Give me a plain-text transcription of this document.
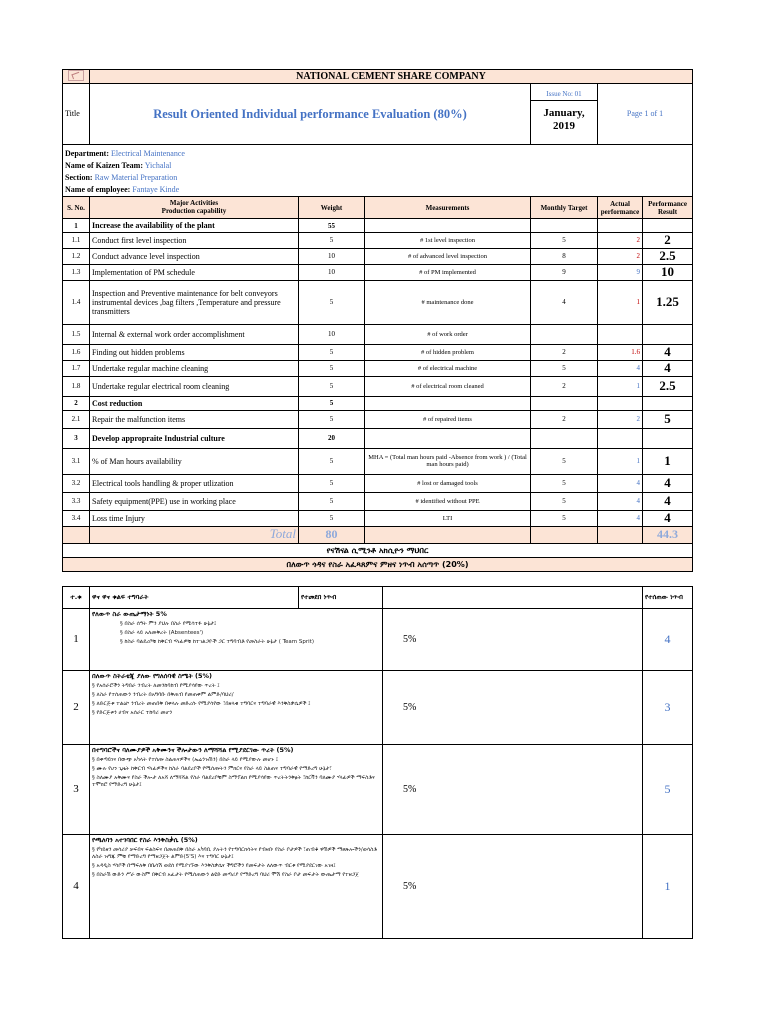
	NATIONAL CEMENT SHARE COMPANY					
Title	Result Oriented Individual performance Evaluation (80%)			Issue No: 01
January, 2019	Page 1 of 1	

Department: Electrical Maintenance
Name of Kaizen Team: Yichalal
Section: Raw Material Preparation
Name of employee: Fantaye Kinde						

S. No.	Major Activities
Production capability	Weight	Measurements	Monthly Target	Actual performance	Performance Result
1	Increase the availability of the plant	55				
1.1	Conduct first level inspection	5	# 1st level inspection	5	2	2
1.2	Conduct advance level inspection	10	# of advanced level inspection	8	2	2.5
1.3	Implementation of PM schedule	10	# of PM implemented	9	9	10
1.4	Inspection and Preventive maintenance for belt conveyors instrumental devices ,bag filters ,Temperature and pressure transmitters	5	# maintenance done	4	1	1.25
1.5	Internal & external work order accomplishment	10	# of work order			
1.6	Finding out hidden problems	5	# of hidden problem	2	1.6	4
1.7	Undertake regular machine cleaning	5	# of electrical machine	5	4	4
1.8	Undertake regular electrical room cleaning	5	# of electrical room cleaned	2	1	2.5
2	Cost reduction	5				
2.1	Repair the malfunction items	5	# of repaired items	2	2	5
3	Develop appropraite Industrial culture	20				
3.1	% of Man hours availability	5	MHA = (Total man hours paid -Absence from work ) / (Total man hours paid)	5	1	1
3.2	Electrical tools handling & proper utlization	5	# lost or damaged tools	5	4	4
3.3	Safety equipment(PPE) use in working place	5	# identified without PPE	5	4	4
3.4	Loss time Injury	5	LTI	5	4	4
	Total	80				44.3
የናሽናል ሲሚንቶ አክሲዮን ማህበር				
በለውጥ ጎዳና የስራ አፈጻጸምና ምዘና ነጥብ አሰጣጥ (20%)				

ተ.ቁ	ዋና ዋና ቁልፍ ተግባራት	የተመደበ ነጥብ		የተሰጠው ነጥብ
1	የለውጥ ስራ ውጤታማነት 5%
§ በስራ ሰዓት ምን ያህሉ በስራ የሚሳተፉ ሁኔታ፤
§ በስራ ላይ አለመቅረት (Absentees')
§ ከስራ ባልደረቦቹ ከቅርብ ሃላፊዎቹ ከተገልጋዮች ጋር ተግባብቶ የመስራት ሁኔታ ( Team Sprit)		5%	4
2	በለውጥ ስትራቴጂ ያለው የግለሰባዊ ስሜት (5%)
§ የአሰራሮችን ትግበራ ንብረት ለመንከባከብ የሚያሳየው ጥረት ፤
§ ለስራ የተሰጠውን ንብረት በአግባቡ በቅጠብ የመጠቀም ልምድ/ባህሪ/
§ ለድርጅቱ ተልዕኮ ንብረት መጠበቅ በቀላሉ መድረሱ የሚያሳየው ፣በዘላቂ ተግባርና ተግባራዊ እንቅስቃሴዎች ፤
§ የድርጅቱን ሀብና አሰራር ተከባሪ መሆን		5%	3
3	በተግባሮችና ባለሙያዎች አቅሙንና ችሎታውን ለማሻሻል የሚያደርገው ጥረት (5%)
§ በቀጣይነና በውጭ አካላት የተሰጡ ስልጠናዎችና (ኤሬንዝሽን) በስራ ላይ የሚያውሉ መሆኑ ፤
§ ሙሉ የሆነ ጊዜት ከቅርብ ሃላፊዎችና ከስራ ባልደረቦች የሚሰጡትን ምክርና የስራ ላይ ስልጠና ተግባራዊ የማድረግ ሁኔታ፣
§ ስለሙያ አቅሙና የስራ ችሎታ ለአሻ ለማሻሻል የስራ ባልደረቦቹም ስማፕልክ የሚያሳየው ጥረትትንቅፅት ፣ከርቫን ባለሙያ ሃላፊዎች ማፍስቶና ተሞክሮ የማድረግ ሁኔታ፤		5%	5
4	የጫለባን አተገባበር የስራ እንቅስቃሴ (5%)
§ የካይዘን መሳሪያ ቻፍበና ፍልስፍና በመጠበቅ በስራ አካባቢ ያሉትን የተግባርክሳትና የብዛበ፡ የስራ ቦታዎች ፣ጠብቆ ዋሽዎች ማፀጽሎችን/ወሳስቶ ለስራ ዝግጁ ምቹ የማድረግ የማዘጋጀት ልምድ(5'S) እና ተግባር ሁኔታ፤
§ አዳዲስ ሃሳቦች በማፍለቅ በቤሳሽ ወደሰ የሚያገኙው እንቅስቃሴና ችግሮችን የመፍታት ለለውጥ ብርቱ የሚያደርገው አገዛ፤
§ በስራሽ ውድን ሥራ ውስም በቅርብ አፈታት የሚሰጠውን ልዩድ መጣሪያ የማድረግ ባህሪ ሞሽ የስራ ቦታ መፍታት ውጤታማ የተዘጋጀ		5%	1
